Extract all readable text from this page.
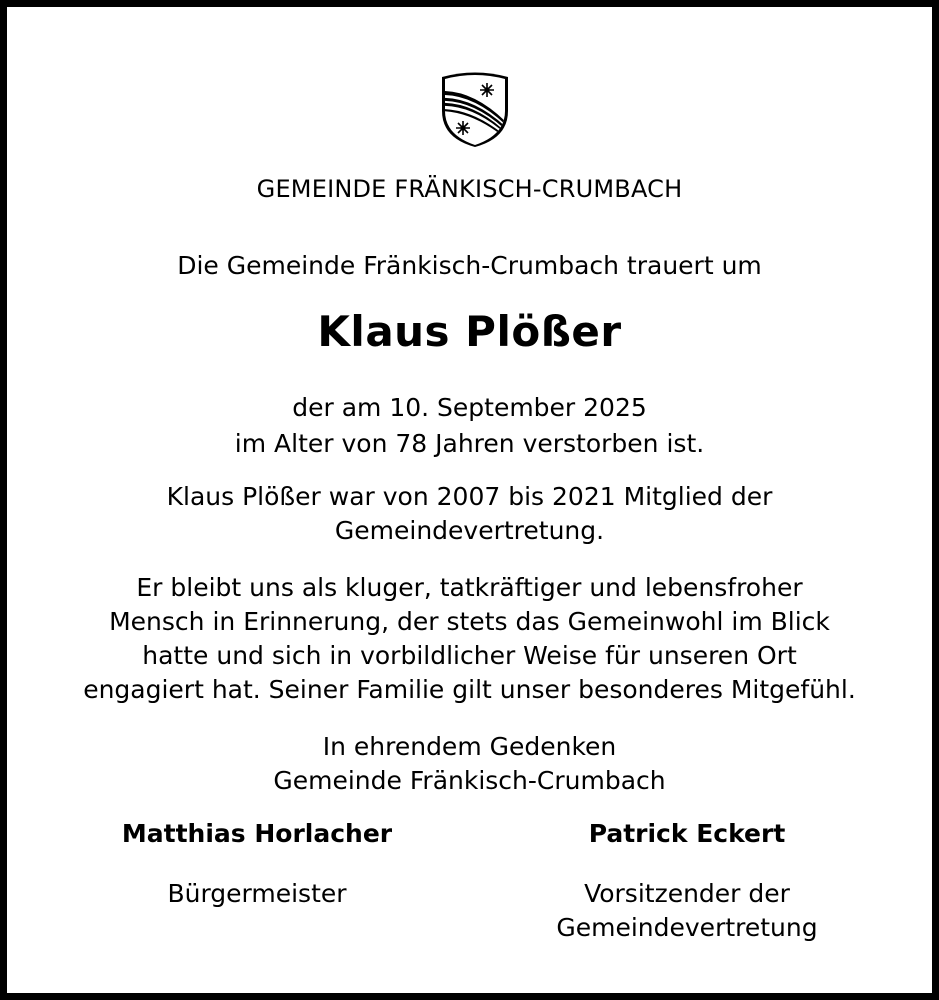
GEMEINDE FRÄNKISCH-CRUMBACH
Die Gemeinde Fränkisch-Crumbach trauert um
Klaus Plößer
der am 10. September 2025
im Alter von 78 Jahren verstorben ist.
Klaus Plößer war von 2007 bis 2021 Mitglied der
Gemeindevertretung.
Er bleibt uns als kluger, tatkräftiger und lebensfroher
Mensch in Erinnerung, der stets das Gemeinwohl im Blick
hatte und sich in vorbildlicher Weise für unseren Ort
engagiert hat. Seiner Familie gilt unser besonderes Mitgefühl.
In ehrendem Gedenken
Gemeinde Fränkisch-Crumbach
Matthias Horlacher
Bürgermeister
Patrick Eckert
Vorsitzender der
Gemeindevertretung
